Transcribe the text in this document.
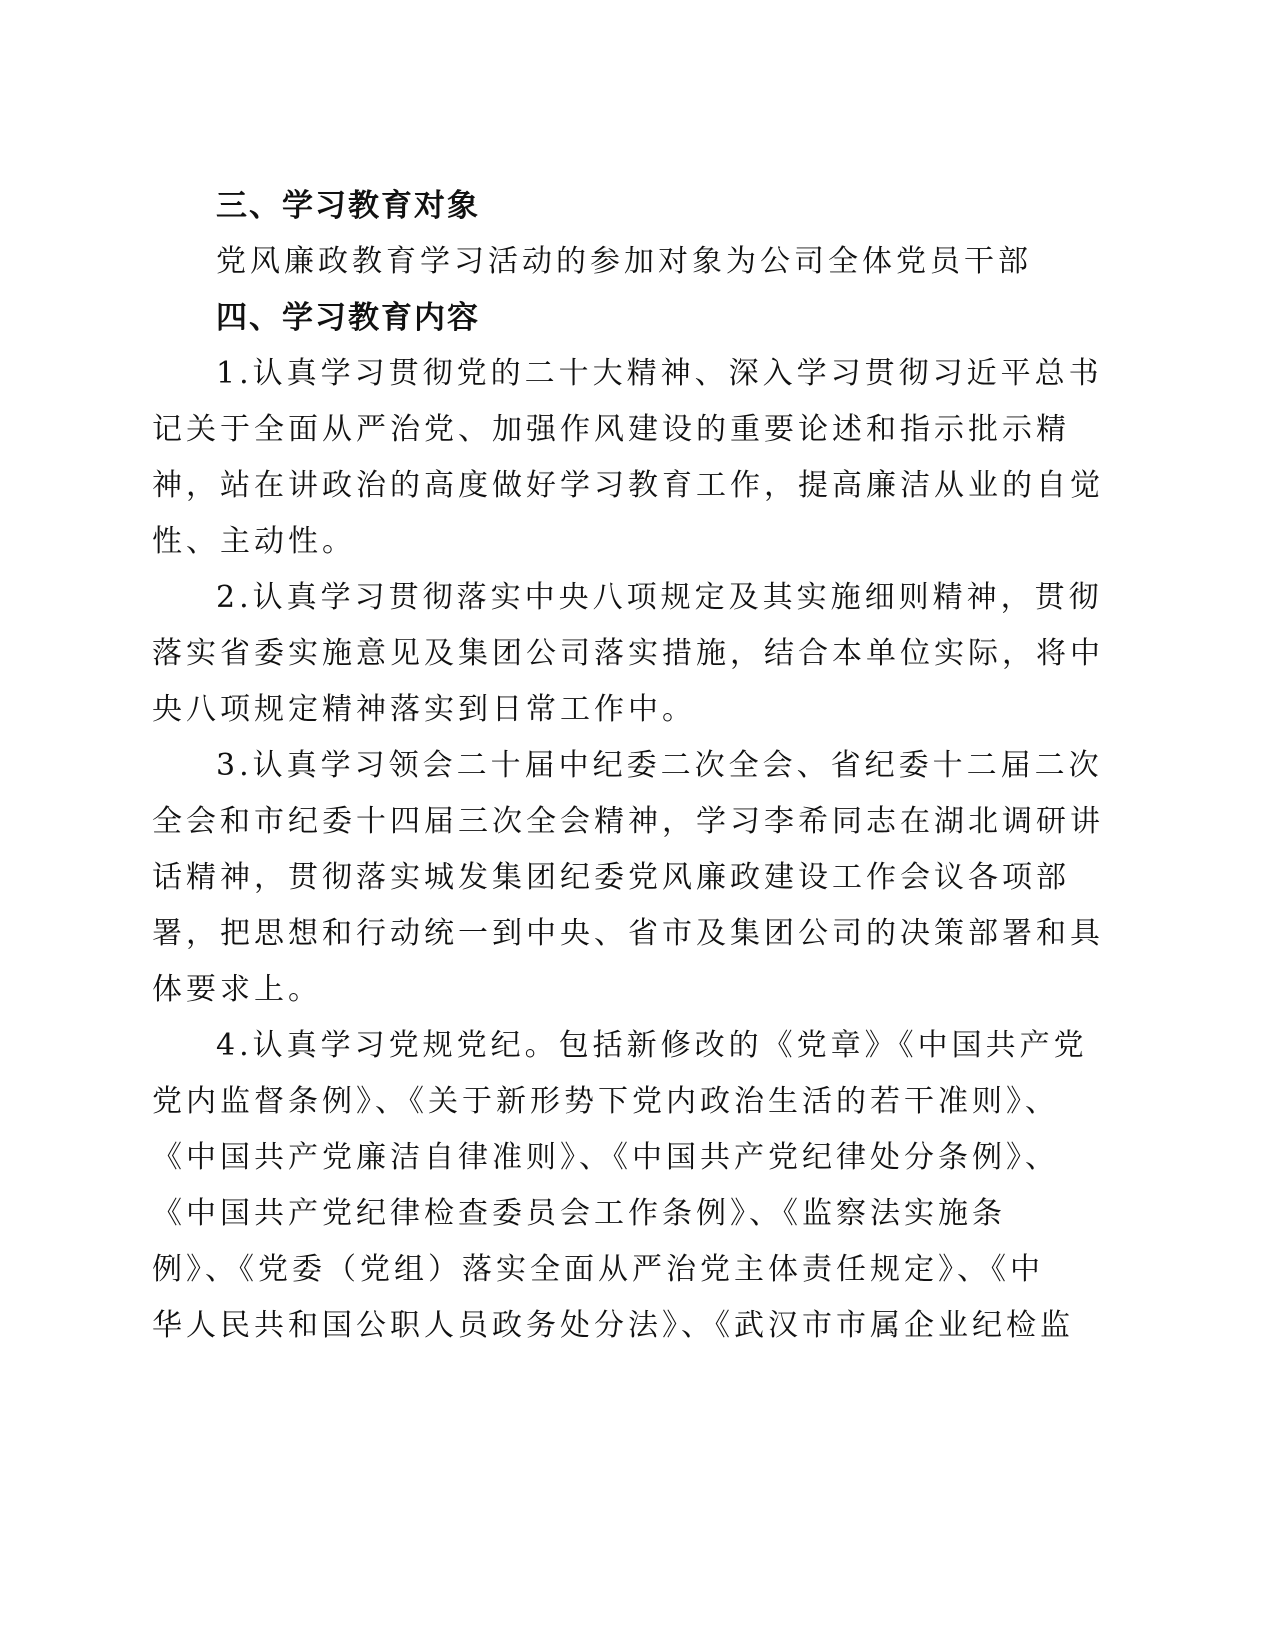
三、学习教育对象
党风廉政教育学习活动的参加对象为公司全体党员干部
四、学习教育内容
1.认真学习贯彻党的二十大精神、深入学习贯彻习近平总书
记关于全面从严治党、加强作风建设的重要论述和指示批示精
神，站在讲政治的高度做好学习教育工作，提高廉洁从业的自觉
性、主动性。
2.认真学习贯彻落实中央八项规定及其实施细则精神，贯彻
落实省委实施意见及集团公司落实措施，结合本单位实际，将中
央八项规定精神落实到日常工作中。
3.认真学习领会二十届中纪委二次全会、省纪委十二届二次
全会和市纪委十四届三次全会精神，学习李希同志在湖北调研讲
话精神，贯彻落实城发集团纪委党风廉政建设工作会议各项部
署，把思想和行动统一到中央、省市及集团公司的决策部署和具
体要求上。
4.认真学习党规党纪。包括新修改的《党章》《中国共产党
党内监督条例》、《关于新形势下党内政治生活的若干准则》、
《中国共产党廉洁自律准则》、《中国共产党纪律处分条例》、
《中国共产党纪律检查委员会工作条例》、《监察法实施条
例》、《党委（党组）落实全面从严治党主体责任规定》、《中
华人民共和国公职人员政务处分法》、《武汉市市属企业纪检监
